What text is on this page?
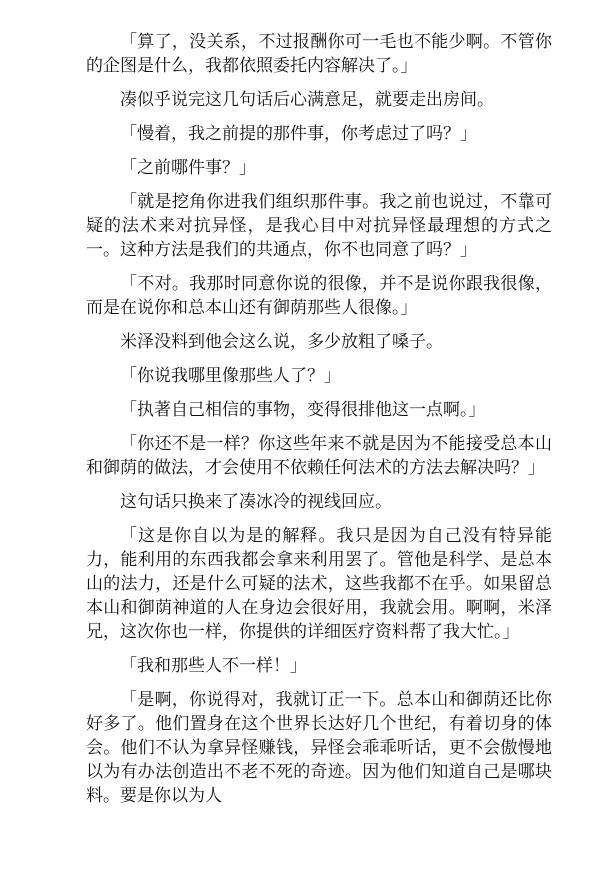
「算了，没关系，不过报酬你可一毛也不能少啊。不管你的企图是什么，我都依照委托内容解决了。」

凑似乎说完这几句话后心满意足，就要走出房间。

「慢着，我之前提的那件事，你考虑过了吗？」

「之前哪件事？」

「就是挖角你进我们组织那件事。我之前也说过，不靠可疑的法术来对抗异怪，是我心目中对抗异怪最理想的方式之一。这种方法是我们的共通点，你不也同意了吗？」

「不对。我那时同意你说的很像，并不是说你跟我很像，而是在说你和总本山还有御荫那些人很像。」

米泽没料到他会这么说，多少放粗了嗓子。

「你说我哪里像那些人了？」

「执著自己相信的事物，变得很排他这一点啊。」

「你还不是一样？你这些年来不就是因为不能接受总本山和御荫的做法，才会使用不依赖任何法术的方法去解决吗？」

这句话只换来了凑冰冷的视线回应。

「这是你自以为是的解释。我只是因为自己没有特异能力，能利用的东西我都会拿来利用罢了。管他是科学、是总本山的法力，还是什么可疑的法术，这些我都不在乎。如果留总本山和御荫神道的人在身边会很好用，我就会用。啊啊，米泽兄，这次你也一样，你提供的详细医疗资料帮了我大忙。」

「我和那些人不一样！」

「是啊，你说得对，我就订正一下。总本山和御荫还比你好多了。他们置身在这个世界长达好几个世纪，有着切身的体会。他们不认为拿异怪赚钱，异怪会乖乖听话，更不会傲慢地以为有办法创造出不老不死的奇迹。因为他们知道自己是哪块料。要是你以为人
